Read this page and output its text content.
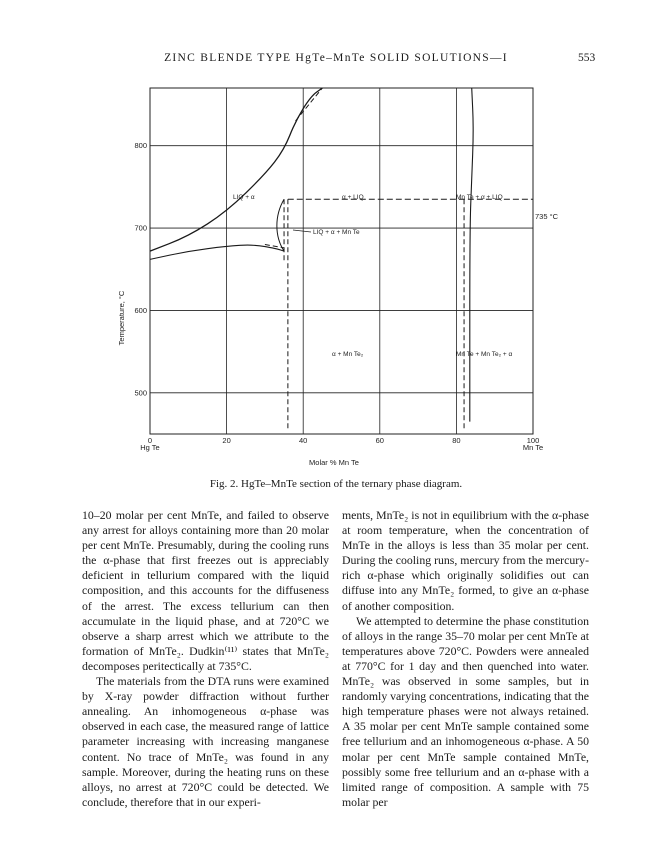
ZINC BLENDE TYPE HgTe–MnTe SOLID SOLUTIONS—I	553
0	20	40	60	80	100
500
600
700
800
LIQ + α	α + LIQ	Mn Te + α + LIQ
LIQ + α + Mn Te
α + Mn Te₂	Mn Te + Mn Te₂ + α
735 °C
Molar % Mn Te
Temperature, °C
Hg Te	Mn Te
Fig. 2. HgTe–MnTe section of the ternary phase diagram.

10–20 molar per cent MnTe, and failed to observe any arrest for alloys containing more than 20 molar per cent MnTe. Presumably, during the cooling runs the α-phase that first freezes out is appreciably deficient in tellurium compared with the liquid composition, and this accounts for the diffuseness of the arrest. The excess tellurium can then accumulate in the liquid phase, and at 720°C we observe a sharp arrest which we attribute to the formation of MnTe₂. Dudkin⁽¹¹⁾ states that MnTe₂ decomposes peritectically at 735°C.

The materials from the DTA runs were examined by X-ray powder diffraction without further annealing. An inhomogeneous α-phase was observed in each case, the measured range of lattice parameter increasing with increasing manganese content. No trace of MnTe₂ was found in any sample. Moreover, during the heating runs on these alloys, no arrest at 720°C could be detected. We conclude, therefore that in our experi-

ments, MnTe₂ is not in equilibrium with the α-phase at room temperature, when the concentration of MnTe in the alloys is less than 35 molar per cent. During the cooling runs, mercury from the mercury-rich α-phase which originally solidifies out can diffuse into any MnTe₂ formed, to give an α-phase of another composition.

We attempted to determine the phase constitution of alloys in the range 35–70 molar per cent MnTe at temperatures above 720°C. Powders were annealed at 770°C for 1 day and then quenched into water. MnTe₂ was observed in some samples, but in randomly varying concentrations, indicating that the high temperature phases were not always retained. A 35 molar per cent MnTe sample contained some free tellurium and an inhomogeneous α-phase. A 50 molar per cent MnTe sample contained MnTe, possibly some free tellurium and an α-phase with a limited range of composition. A sample with 75 molar per
